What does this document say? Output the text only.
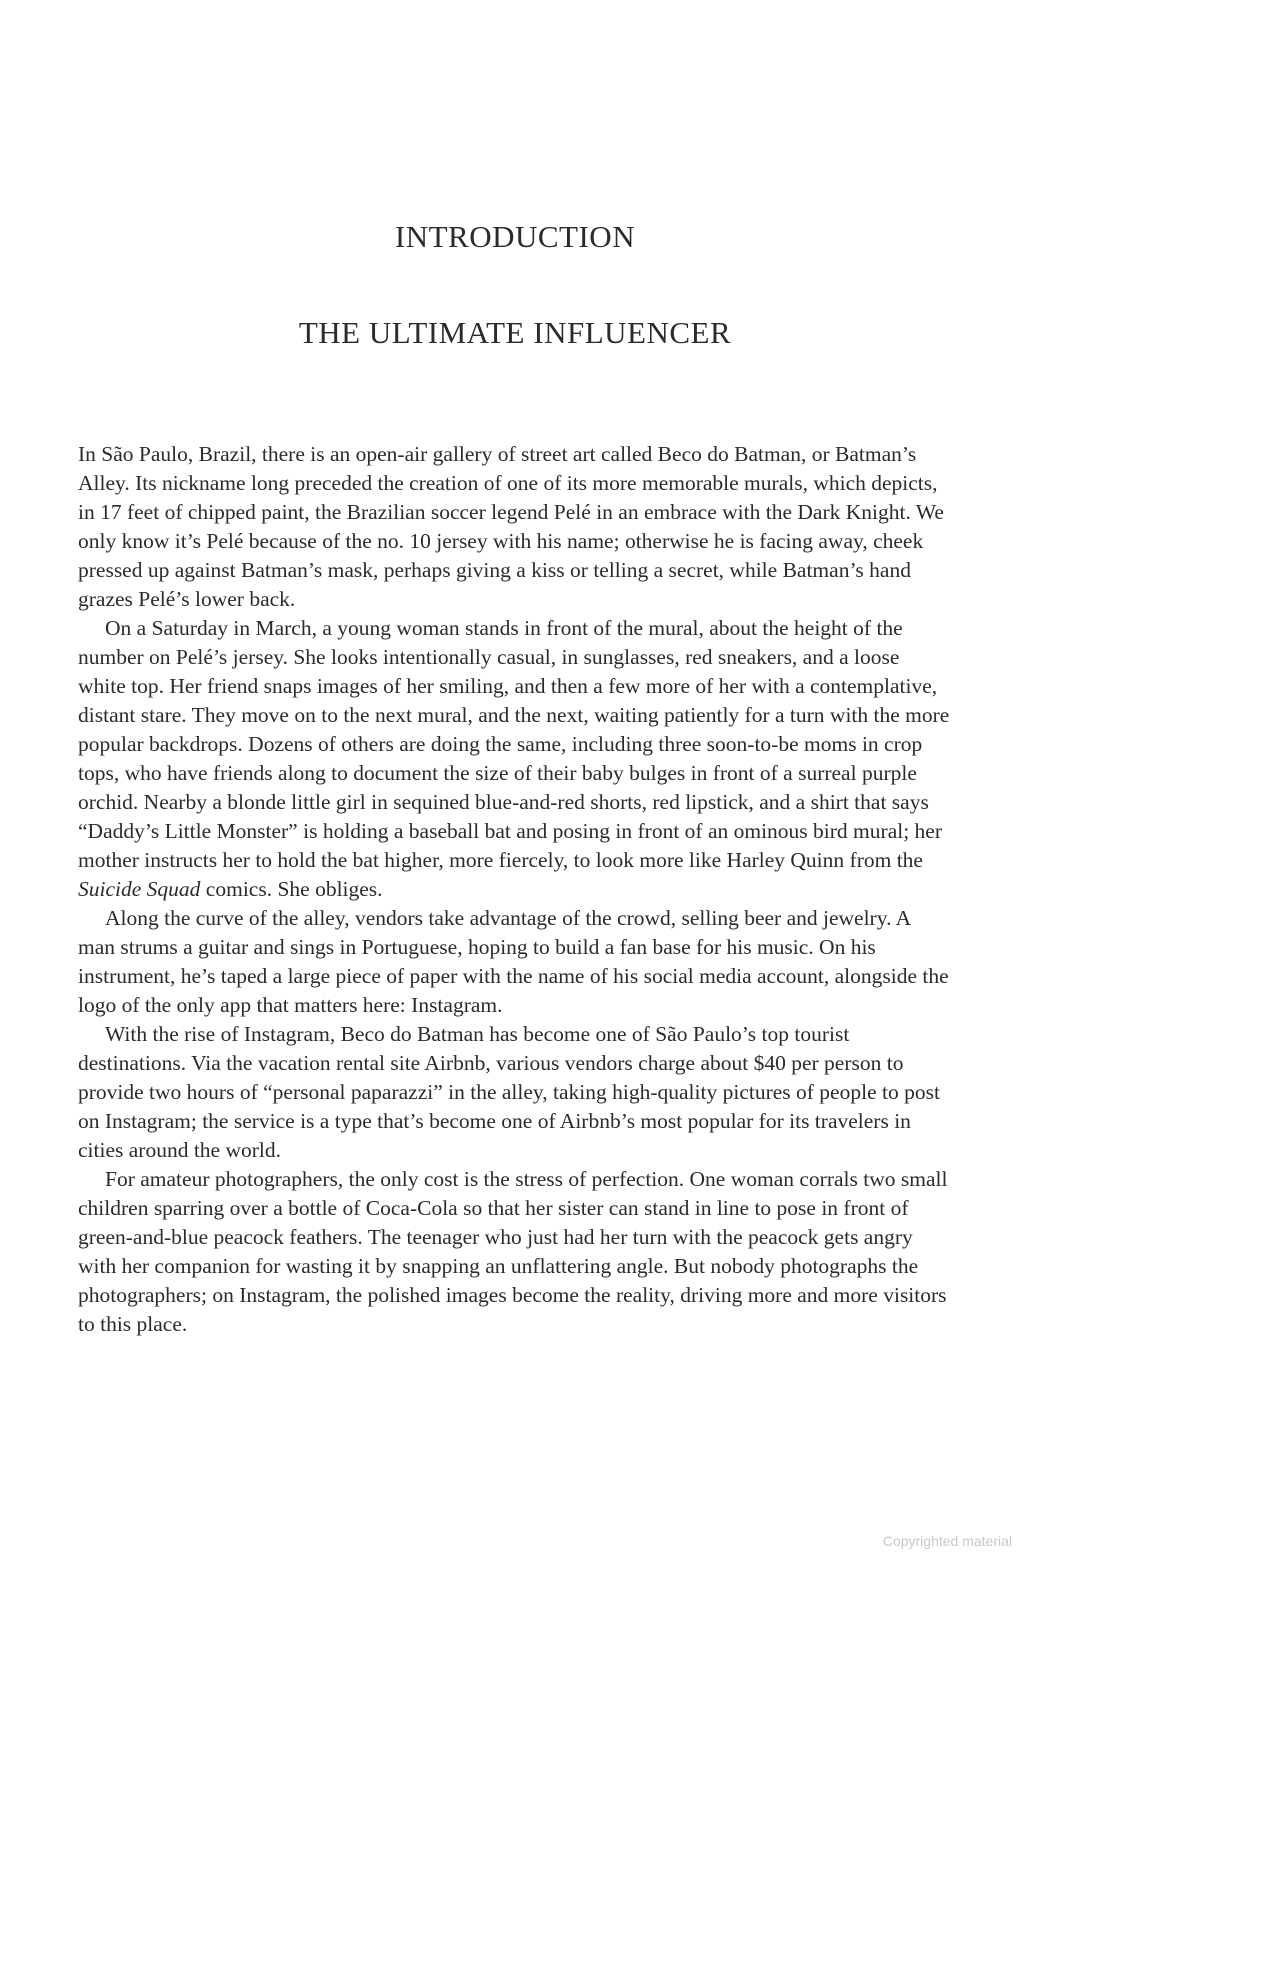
INTRODUCTION
THE ULTIMATE INFLUENCER

In São Paulo, Brazil, there is an open-air gallery of street art called Beco do Batman, or Batman’s Alley. Its nickname long preceded the creation of one of its more memorable murals, which depicts, in 17 feet of chipped paint, the Brazilian soccer legend Pelé in an embrace with the Dark Knight. We only know it’s Pelé because of the no. 10 jersey with his name; otherwise he is facing away, cheek pressed up against Batman’s mask, perhaps giving a kiss or telling a secret, while Batman’s hand grazes Pelé’s lower back.

On a Saturday in March, a young woman stands in front of the mural, about the height of the number on Pelé’s jersey. She looks intentionally casual, in sunglasses, red sneakers, and a loose white top. Her friend snaps images of her smiling, and then a few more of her with a contemplative, distant stare. They move on to the next mural, and the next, waiting patiently for a turn with the more popular backdrops. Dozens of others are doing the same, including three soon-to-be moms in crop tops, who have friends along to document the size of their baby bulges in front of a surreal purple orchid. Nearby a blonde little girl in sequined blue-and-red shorts, red lipstick, and a shirt that says “Daddy’s Little Monster” is holding a baseball bat and posing in front of an ominous bird mural; her mother instructs her to hold the bat higher, more fiercely, to look more like Harley Quinn from the Suicide Squad comics. She obliges.

Along the curve of the alley, vendors take advantage of the crowd, selling beer and jewelry. A man strums a guitar and sings in Portuguese, hoping to build a fan base for his music. On his instrument, he’s taped a large piece of paper with the name of his social media account, alongside the logo of the only app that matters here: Instagram.

With the rise of Instagram, Beco do Batman has become one of São Paulo’s top tourist destinations. Via the vacation rental site Airbnb, various vendors charge about $40 per person to provide two hours of “personal paparazzi” in the alley, taking high-quality pictures of people to post on Instagram; the service is a type that’s become one of Airbnb’s most popular for its travelers in cities around the world.

For amateur photographers, the only cost is the stress of perfection. One woman corrals two small children sparring over a bottle of Coca-Cola so that her sister can stand in line to pose in front of green-and-blue peacock feathers. The teenager who just had her turn with the peacock gets angry with her companion for wasting it by snapping an unflattering angle. But nobody photographs the photographers; on Instagram, the polished images become the reality, driving more and more visitors to this place.

Copyrighted material
